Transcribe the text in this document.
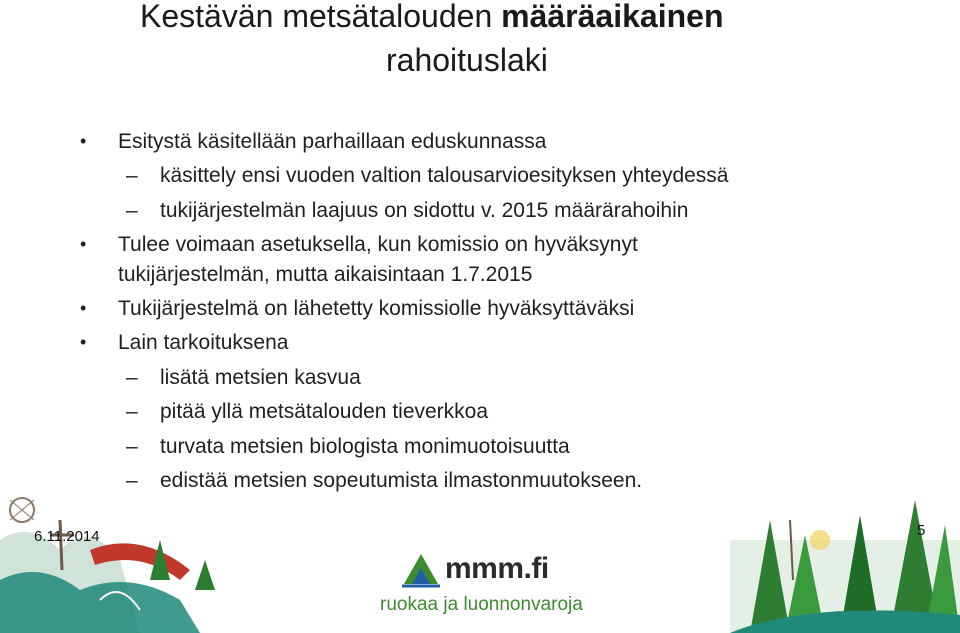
Kestävän metsätalouden määräaikainen
rahoituslaki
• Esitystä käsitellään parhaillaan eduskunnassa
– käsittely ensi vuoden valtion talousarvioesityksen yhteydessä
– tukijärjestelmän laajuus on sidottu v. 2015 määrärahoihin
• Tulee voimaan asetuksella, kun komissio on hyväksynyt
tukijärjestelmän, mutta aikaisintaan 1.7.2015
• Tukijärjestelmä on lähetetty komissiolle hyväksyttäväksi
• Lain tarkoituksena
– lisätä metsien kasvua
– pitää yllä metsätalouden tieverkkoa
– turvata metsien biologista monimuotoisuutta
– edistää metsien sopeutumista ilmastonmuutokseen.
6.11.2014	5
mmm.fi
ruokaa ja luonnonvaroja
